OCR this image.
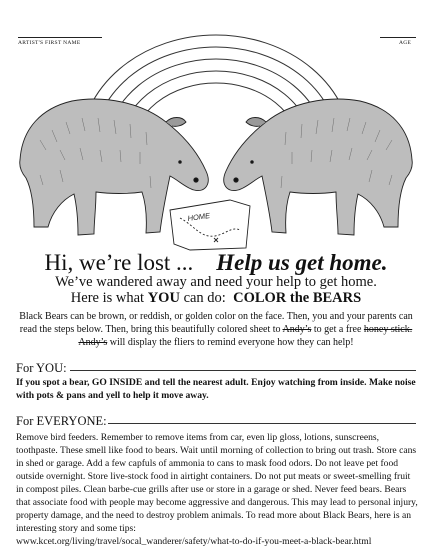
ARTIST'S FIRST NAME	AGE
HOME
Hi, we’re lost ... Help us get home.
We’ve wandered away and need your help to get home.
Here is what YOU can do:  COLOR the BEARS
Black Bears can be brown, or reddish, or golden color on the face. Then, you and your parents can read the steps below. Then, bring this beautifully colored sheet to Andy’s to get a free honey stick. Andy’s will display the fliers to remind everyone how they can help!
For YOU:
If you spot a bear, GO INSIDE and tell the nearest adult. Enjoy watching from inside. Make noise with pots & pans and yell to help it move away.
For EVERYONE:
Remove bird feeders. Remember to remove items from car, even lip gloss, lotions, sunscreens, toothpaste. These smell like food to bears. Wait until morning of collection to bring out trash. Store cans in shed or garage. Add a few capfuls of ammonia to cans to mask food odors. Do not leave pet food outside overnight. Store live-stock food in airtight containers. Do not put meats or sweet-smelling fruit in compost piles. Clean barbe-cue grills after use or store in a garage or shed. Never feed bears. Bears that associate food with people may become aggressive and dangerous. This may lead to personal injury, property damage, and the need to destroy problem animals. To read more about Black Bears, here is an interesting story and some tips:
www.kcet.org/living/travel/socal_wanderer/safety/what-to-do-if-you-meet-a-black-bear.html
